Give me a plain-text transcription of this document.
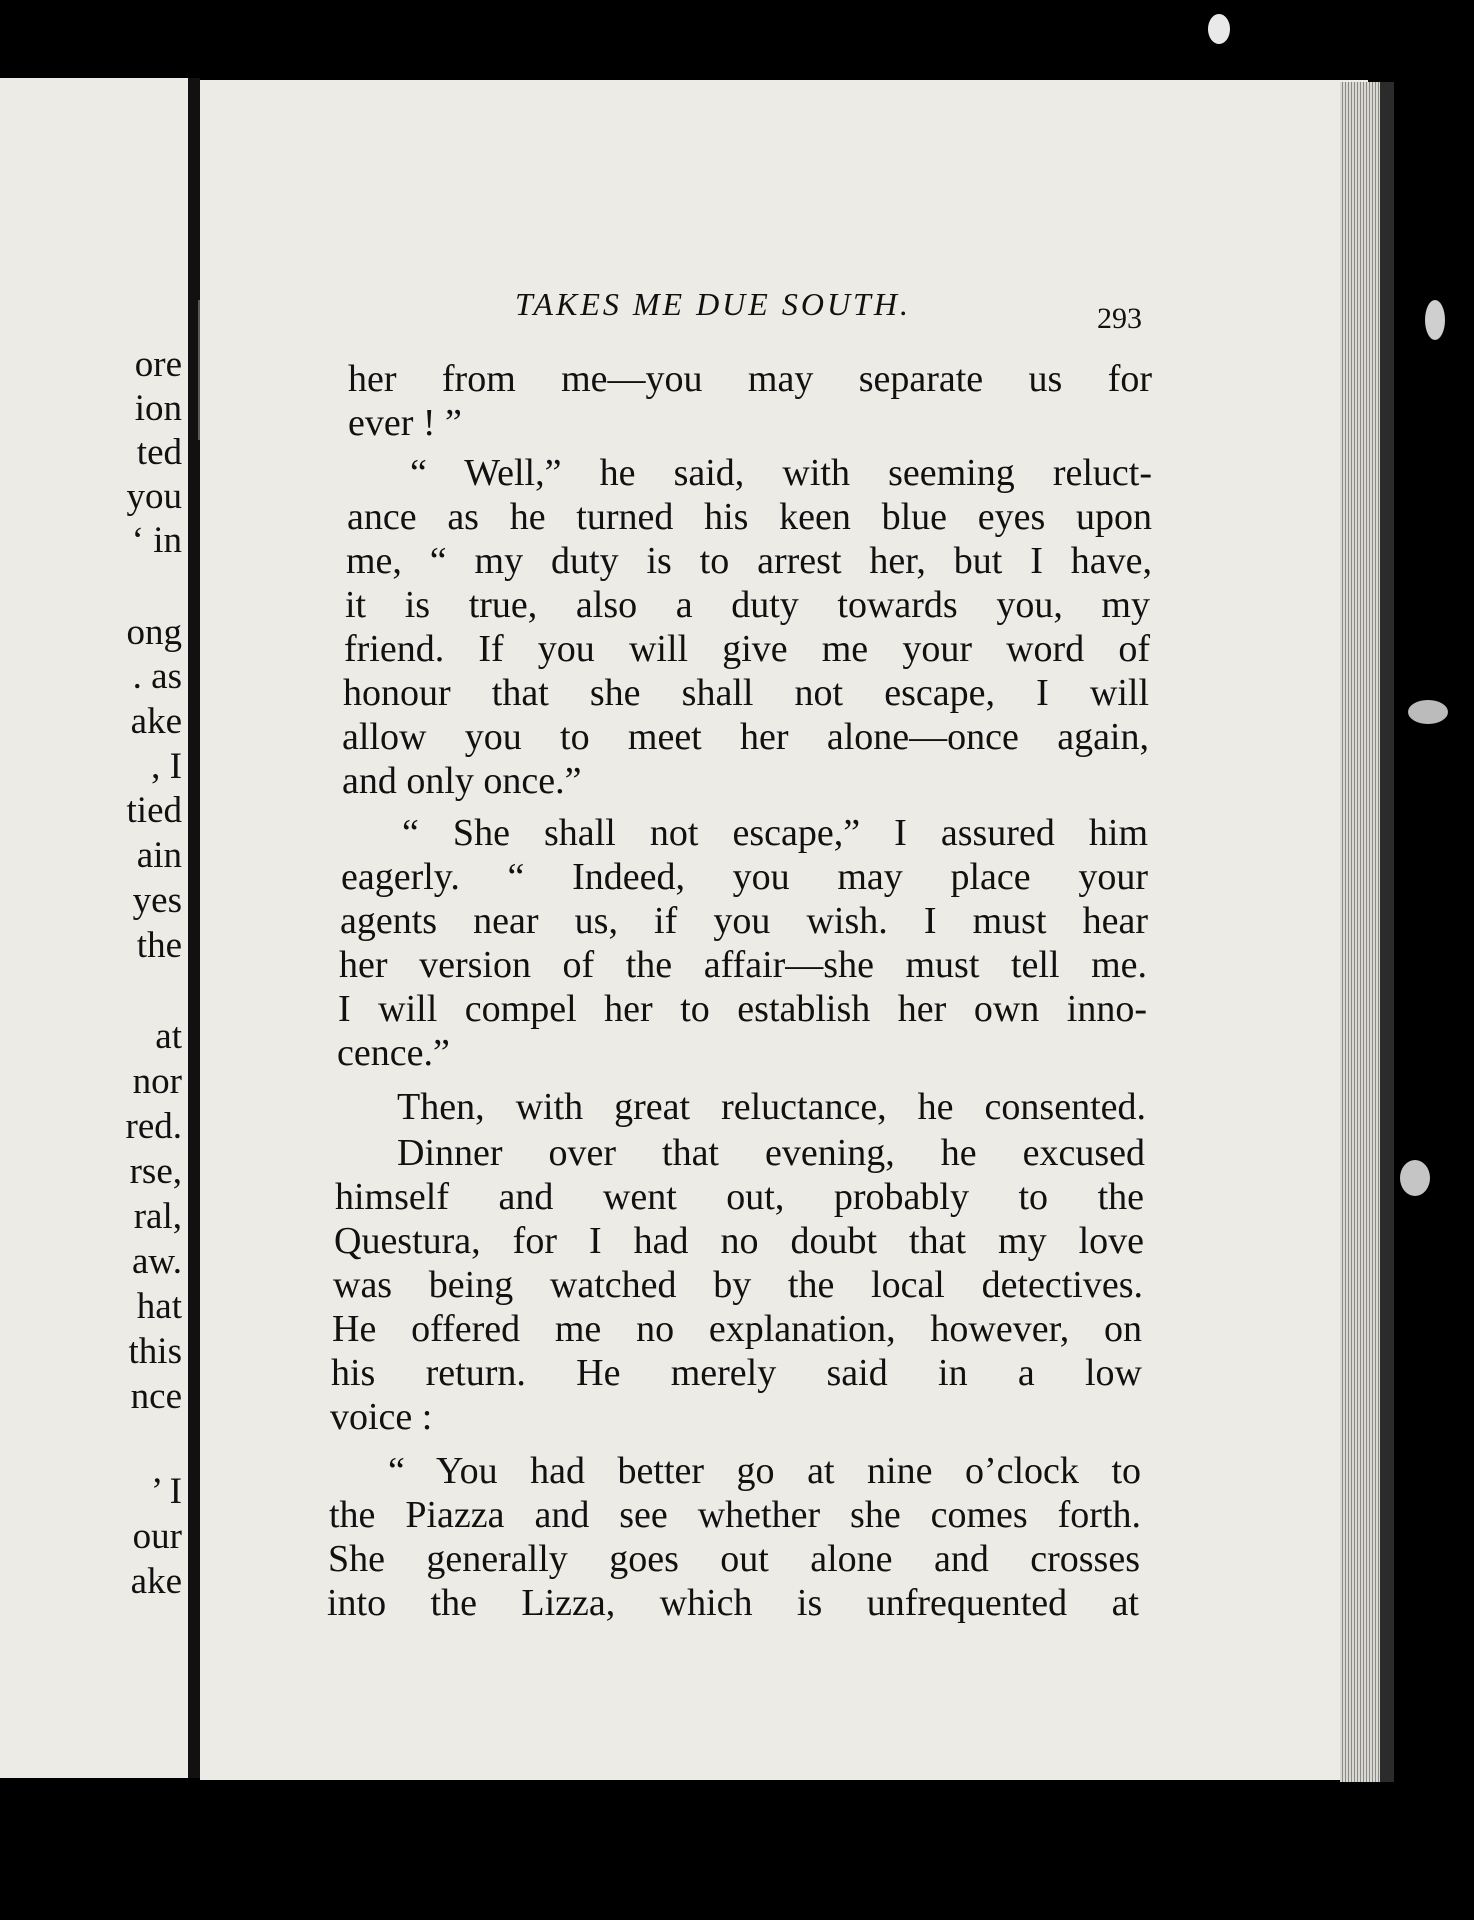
ore
ion
ted
you
‘ in
ong
. as
ake
, I
tied
ain
yes
the
at
nor
red.
rse,
ral,
aw.
hat
this
nce
’ I
our
ake
TAKES ME DUE SOUTH.	293
her from me—you may separate us for
ever ! ”
“ Well,” he said, with seeming reluct-
ance as he turned his keen blue eyes upon
me, “ my duty is to arrest her, but I have,
it is true, also a duty towards you, my
friend. If you will give me your word of
honour that she shall not escape, I will
allow you to meet her alone—once again,
and only once.”
“ She shall not escape,” I assured him
eagerly. “ Indeed, you may place your
agents near us, if you wish. I must hear
her version of the affair—she must tell me.
I will compel her to establish her own inno-
cence.”
Then, with great reluctance, he consented.
Dinner over that evening, he excused
himself and went out, probably to the
Questura, for I had no doubt that my love
was being watched by the local detectives.
He offered me no explanation, however, on
his return. He merely said in a low
voice :
“ You had better go at nine o’clock to
the Piazza and see whether she comes forth.
She generally goes out alone and crosses
into the Lizza, which is unfrequented at
